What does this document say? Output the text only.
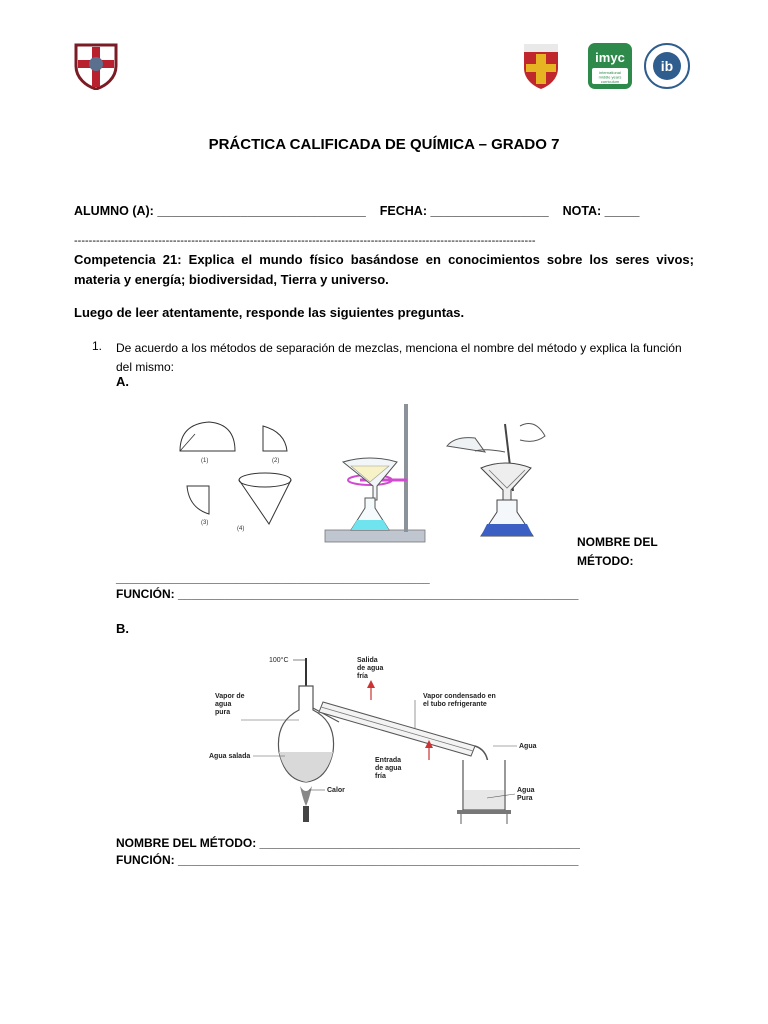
imyc
international
middle years
curriculum
ib
PRÁCTICA CALIFICADA DE QUÍMICA – GRADO 7
ALUMNO (A): ______________________________ FECHA: _________________ NOTA: _____
------------------------------------------------------------------------------------------------------------------------------
Competencia 21: Explica el mundo físico basándose en conocimientos sobre los seres vivos; materia y energía; biodiversidad, Tierra y universo.
Luego de leer atentamente, responde las siguientes preguntas.
1. De acuerdo a los métodos de separación de mezclas, menciona el nombre del método y explica la función del mismo:
A.
(1)	(2)
(3)
(4)
NOMBRE DEL MÉTODO:
_______________________________________________
FUNCIÓN: ____________________________________________________________
B.
100°C
Vapor de agua pura
Salida de agua fría
Vapor condensado en el tubo refrigerante
Agua salada
Entrada de agua fría
Agua
Agua Pura
Calor
NOMBRE DEL MÉTODO: ________________________________________________
FUNCIÓN: ____________________________________________________________
